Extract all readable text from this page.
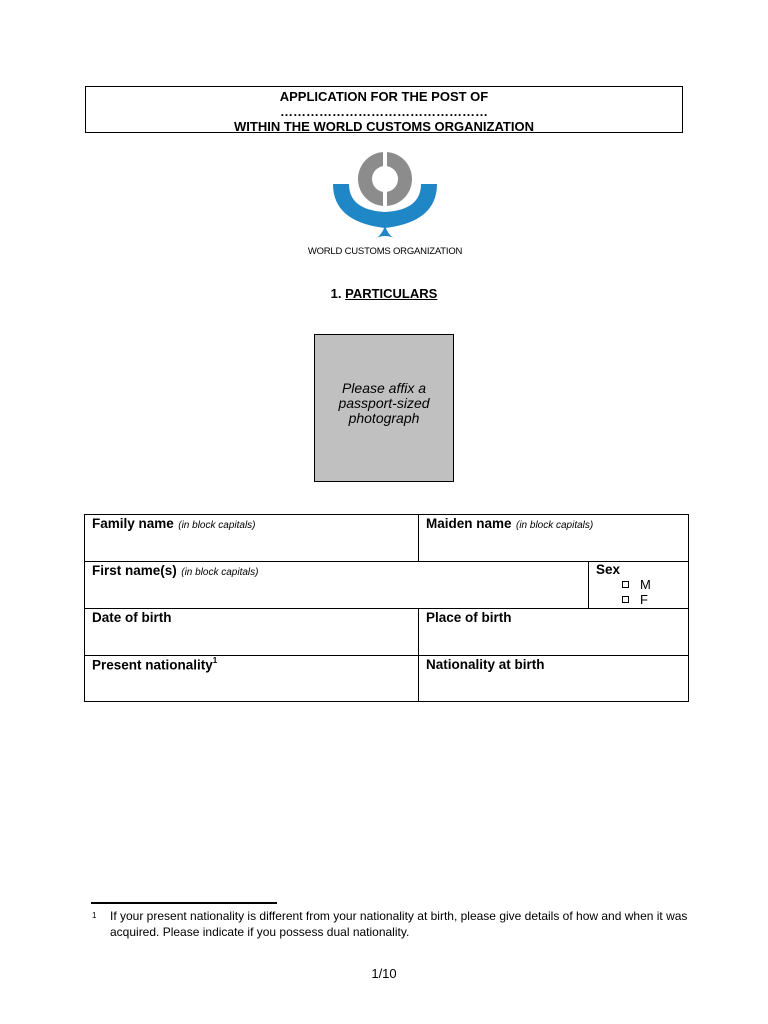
APPLICATION FOR THE POST OF
…………………………………………
WITHIN THE WORLD CUSTOMS ORGANIZATION
WORLD CUSTOMS ORGANIZATION
1. PARTICULARS
Please affix a passport-sized photograph
Family name (in block capitals)	Maiden name (in block capitals)
First name(s) (in block capitals)	Sex
M
F
Date of birth	Place of birth
Present nationality$^1$	Nationality at birth
1 If your present nationality is different from your nationality at birth, please give details of how and when it was acquired. Please indicate if you possess dual nationality.
1/10
